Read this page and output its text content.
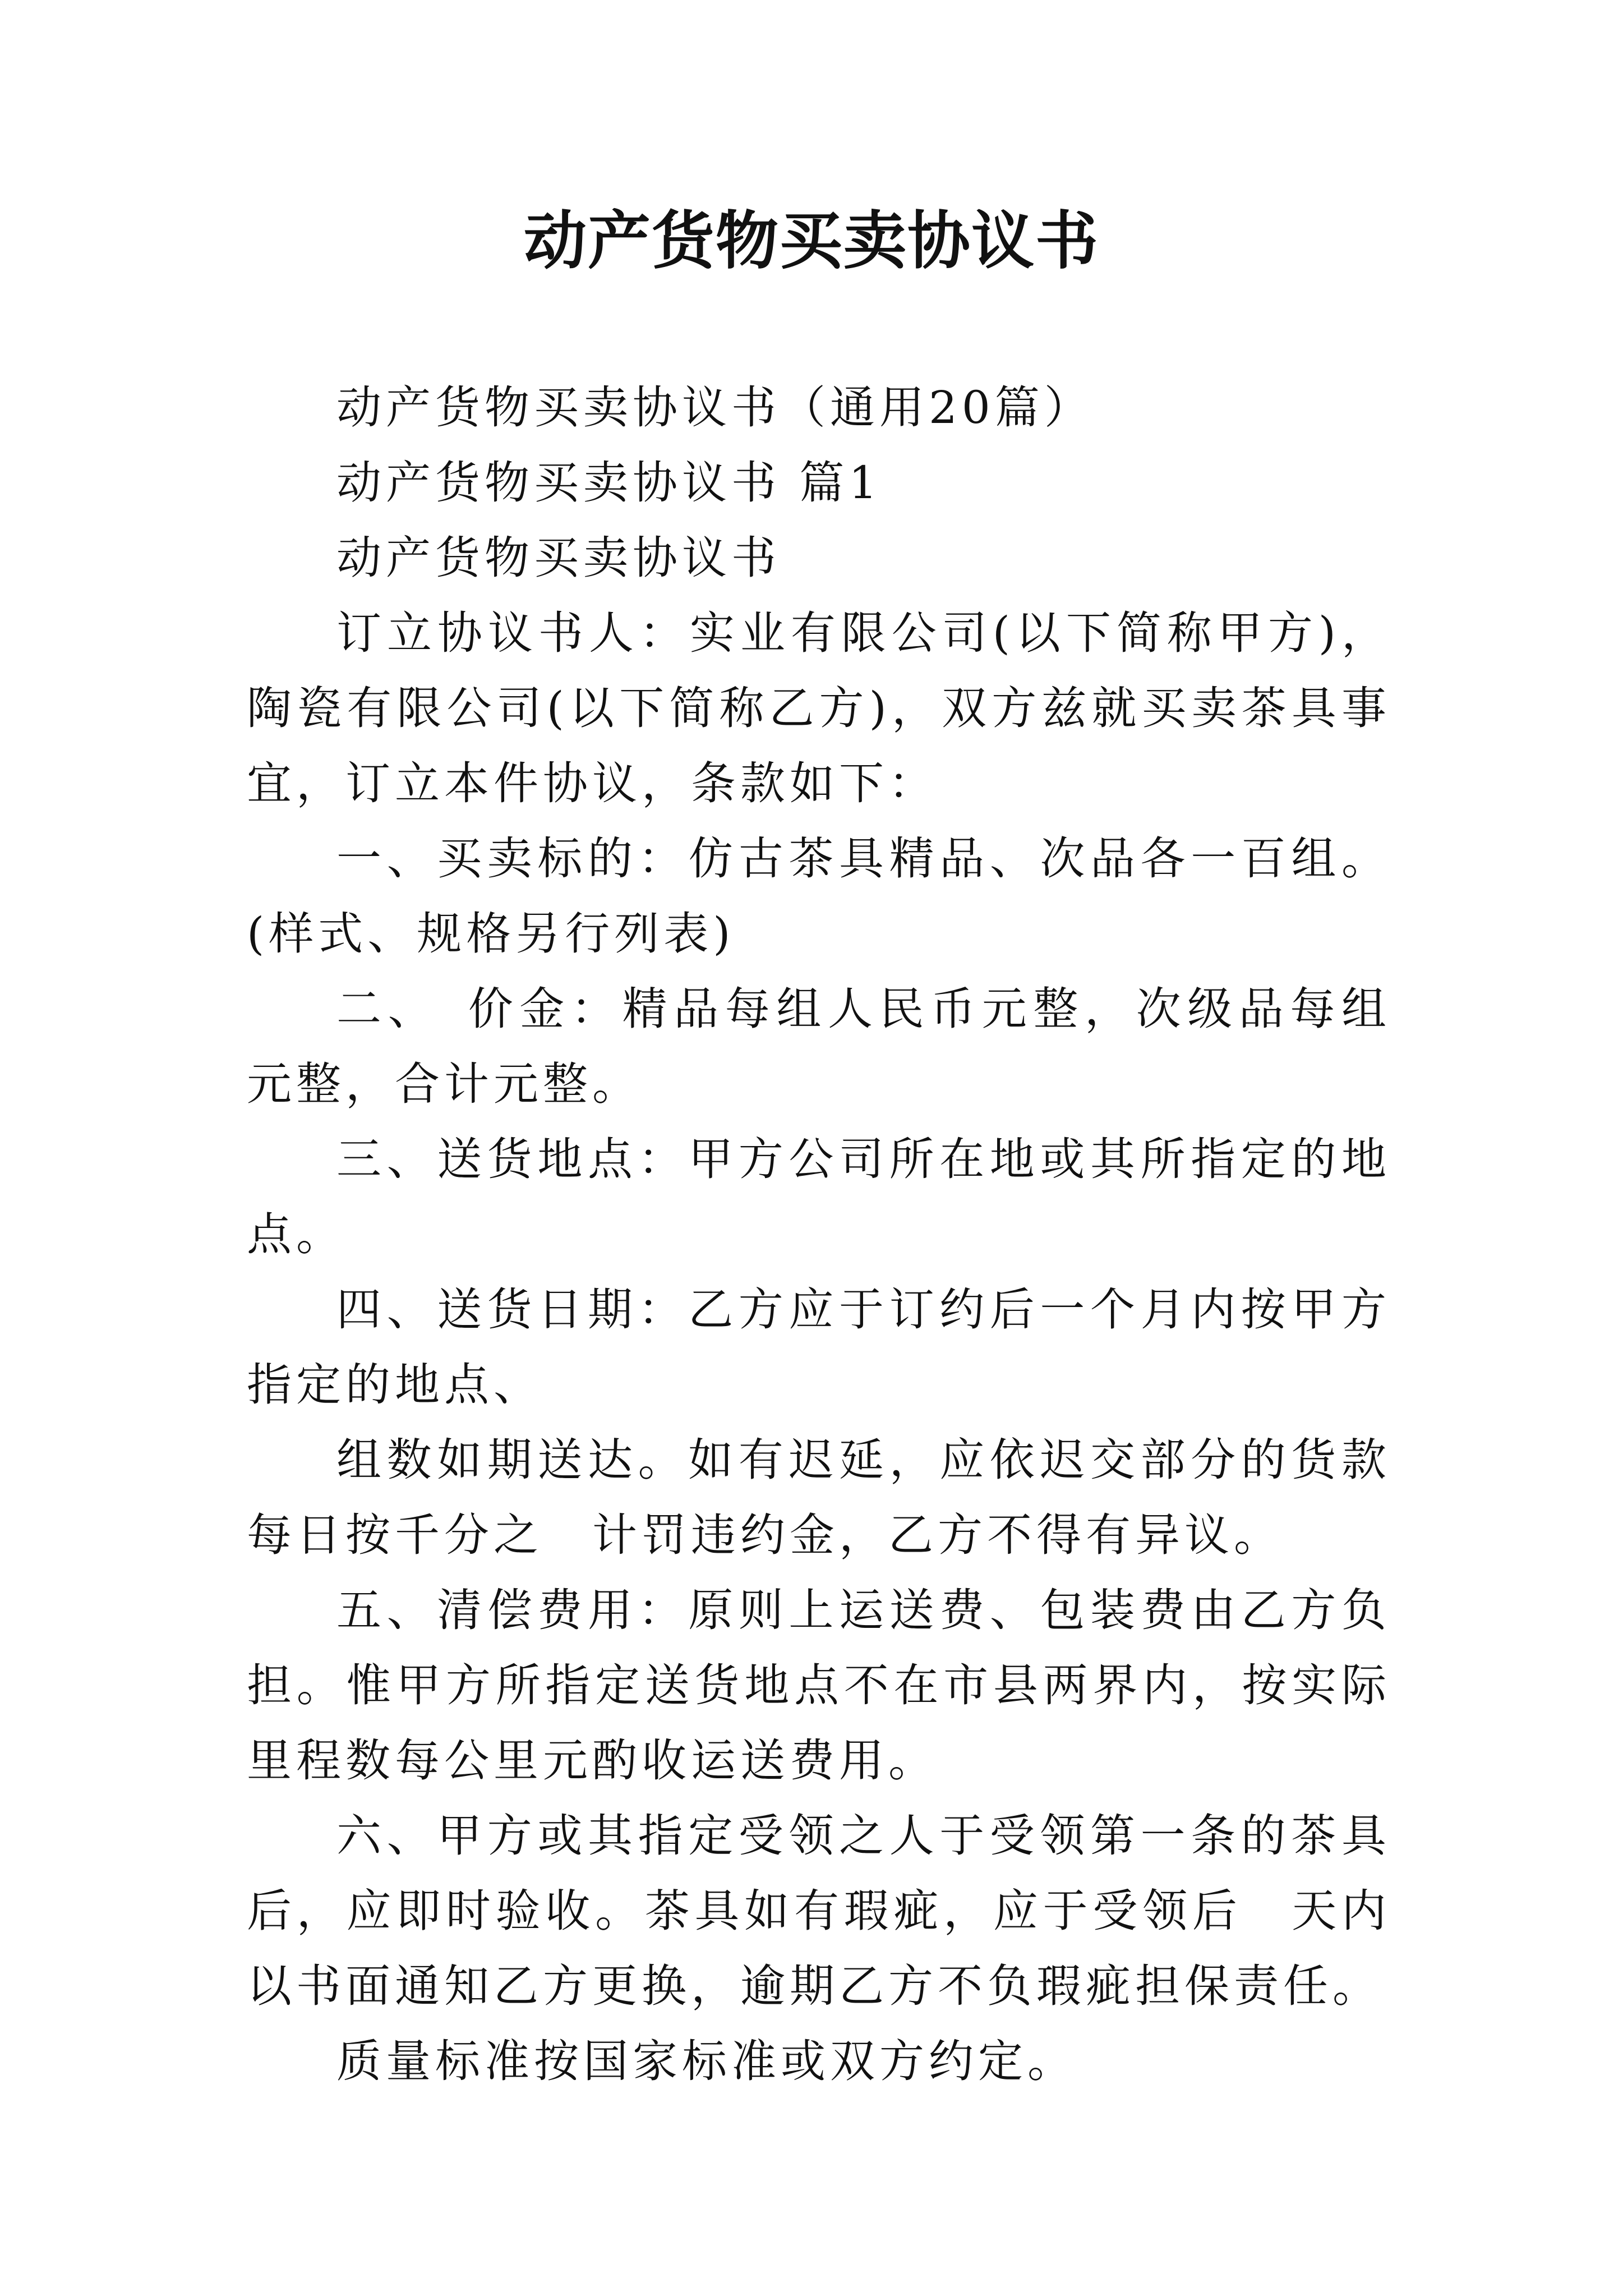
动产货物买卖协议书

动产货物买卖协议书（通用20篇）

动产货物买卖协议书 篇1

动产货物买卖协议书

订立协议书人：实业有限公司(以下简称甲方)， 陶瓷有限公司(以下简称乙方)，双方兹就买卖茶具事宜，订立本件协议，条款如下：

一、买卖标的：仿古茶具精品、次品各一百组。(样式、规格另行列表)

二、　价金：精品每组人民币元整，次级品每组元整，合计元整。

三、送货地点：甲方公司所在地或其所指定的地点。

四、送货日期：乙方应于订约后一个月内按甲方指定的地点、

组数如期送达。如有迟延，应依迟交部分的货款每日按千分之　计罚违约金，乙方不得有异议。

五、清偿费用：原则上运送费、包装费由乙方负担。惟甲方所指定送货地点不在市县两界内，按实际里程数每公里元酌收运送费用。

六、甲方或其指定受领之人于受领第一条的茶具后，应即时验收。茶具如有瑕疵，应于受领后　天内以书面通知乙方更换，逾期乙方不负瑕疵担保责任。

质量标准按国家标准或双方约定。
